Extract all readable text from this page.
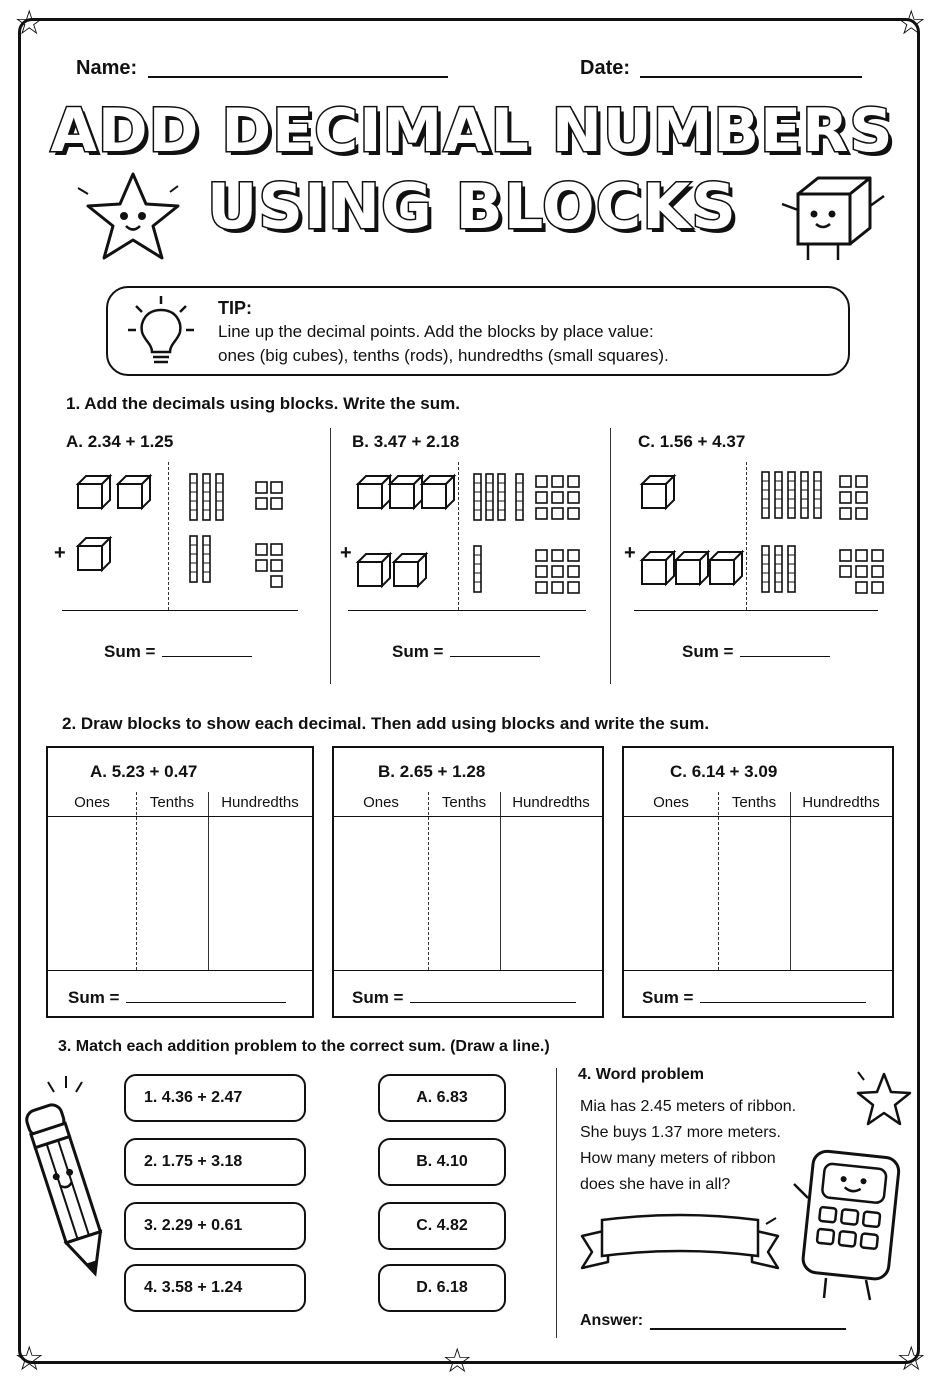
☆	☆
☆	☆
☆
Name:	Date:
ADD DECIMAL NUMBERS
USING BLOCKS
TIP:
Line up the decimal points. Add the blocks by place value:
ones (big cubes), tenths (rods), hundredths (small squares).
1. Add the decimals using blocks. Write the sum.
A. 2.34 + 1.25
+
Sum =
B. 3.47 + 2.18
+
Sum =
C. 1.56 + 4.37
+
Sum =
2. Draw blocks to show each decimal. Then add using blocks and write the sum.
A. 5.23 + 0.47
Ones	Tenths	Hundredths
Sum =
B. 2.65 + 1.28
Ones	Tenths	Hundredths
Sum =
C. 6.14 + 3.09
Ones	Tenths	Hundredths
Sum =
3. Match each addition problem to the correct sum. (Draw a line.)
1. 4.36 + 2.47
2. 1.75 + 3.18
3. 2.29 + 0.61
4. 3.58 + 1.24
A. 6.83
B. 4.10
C. 4.82
D. 6.18
4. Word problem
Mia has 2.45 meters of ribbon.
She buys 1.37 more meters.
How many meters of ribbon
does she have in all?
Answer:
